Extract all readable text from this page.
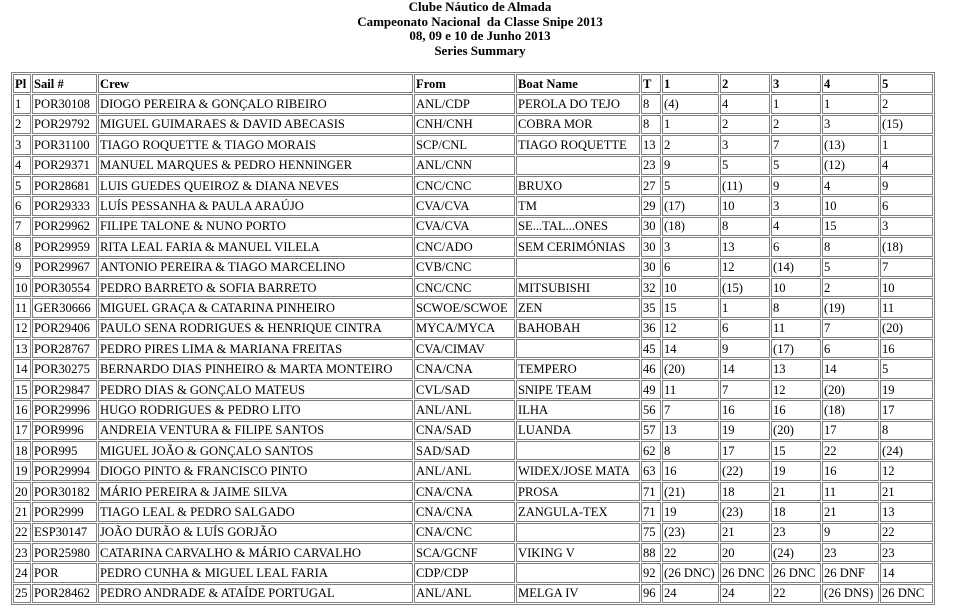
Clube Náutico de Almada
Campeonato Nacional  da Classe Snipe 2013
08, 09 e 10 de Junho 2013
Series Summary
Pl	Sail #	Crew	From	Boat Name	T	1	2	3	4	5
1	POR30108	DIOGO PEREIRA & GONÇALO RIBEIRO	ANL/CDP	PEROLA DO TEJO	8	(4)	4	1	1	2
2	POR29792	MIGUEL GUIMARAES & DAVID ABECASIS	CNH/CNH	COBRA MOR	8	1	2	2	3	(15)
3	POR31100	TIAGO ROQUETTE & TIAGO MORAIS	SCP/CNL	TIAGO ROQUETTE	13	2	3	7	(13)	1
4	POR29371	MANUEL MARQUES & PEDRO HENNINGER	ANL/CNN		23	9	5	5	(12)	4
5	POR28681	LUIS GUEDES QUEIROZ & DIANA NEVES	CNC/CNC	BRUXO	27	5	(11)	9	4	9
6	POR29333	LUÍS PESSANHA & PAULA ARAÚJO	CVA/CVA	TM	29	(17)	10	3	10	6
7	POR29962	FILIPE TALONE & NUNO PORTO	CVA/CVA	SE...TAL...ONES	30	(18)	8	4	15	3
8	POR29959	RITA LEAL FARIA & MANUEL VILELA	CNC/ADO	SEM CERIMÓNIAS	30	3	13	6	8	(18)
9	POR29967	ANTONIO PEREIRA & TIAGO MARCELINO	CVB/CNC		30	6	12	(14)	5	7
10	POR30554	PEDRO BARRETO & SOFIA BARRETO	CNC/CNC	MITSUBISHI	32	10	(15)	10	2	10
11	GER30666	MIGUEL GRAÇA & CATARINA PINHEIRO	SCWOE/SCWOE	ZEN	35	15	1	8	(19)	11
12	POR29406	PAULO SENA RODRIGUES & HENRIQUE CINTRA	MYCA/MYCA	BAHOBAH	36	12	6	11	7	(20)
13	POR28767	PEDRO PIRES LIMA & MARIANA FREITAS	CVA/CIMAV		45	14	9	(17)	6	16
14	POR30275	BERNARDO DIAS PINHEIRO & MARTA MONTEIRO	CNA/CNA	TEMPERO	46	(20)	14	13	14	5
15	POR29847	PEDRO DIAS & GONÇALO MATEUS	CVL/SAD	SNIPE TEAM	49	11	7	12	(20)	19
16	POR29996	HUGO RODRIGUES & PEDRO LITO	ANL/ANL	ILHA	56	7	16	16	(18)	17
17	POR9996	ANDREIA VENTURA & FILIPE SANTOS	CNA/SAD	LUANDA	57	13	19	(20)	17	8
18	POR995	MIGUEL JOÃO & GONÇALO SANTOS	SAD/SAD		62	8	17	15	22	(24)
19	POR29994	DIOGO PINTO & FRANCISCO PINTO	ANL/ANL	WIDEX/JOSE MATA	63	16	(22)	19	16	12
20	POR30182	MÁRIO PEREIRA & JAIME SILVA	CNA/CNA	PROSA	71	(21)	18	21	11	21
21	POR2999	TIAGO LEAL & PEDRO SALGADO	CNA/CNA	ZANGULA-TEX	71	19	(23)	18	21	13
22	ESP30147	JOÃO DURÃO & LUÍS GORJÃO	CNA/CNC		75	(23)	21	23	9	22
23	POR25980	CATARINA CARVALHO & MÁRIO CARVALHO	SCA/GCNF	VIKING V	88	22	20	(24)	23	23
24	POR	PEDRO CUNHA & MIGUEL LEAL FARIA	CDP/CDP		92	(26 DNC)	26 DNC	26 DNC	26 DNF	14
25	POR28462	PEDRO ANDRADE & ATAÍDE PORTUGAL	ANL/ANL	MELGA IV	96	24	24	22	(26 DNS)	26 DNC
